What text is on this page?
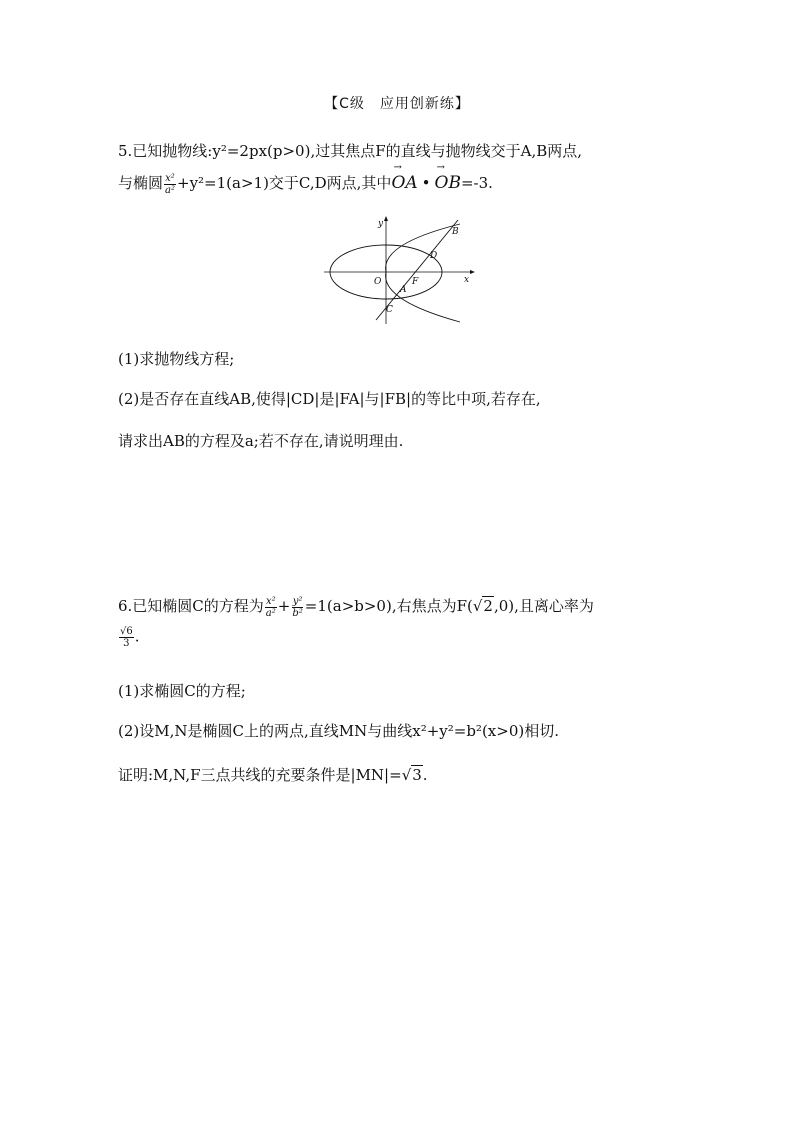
【C级　应用创新练】
5.已知抛物线:y²=2px(p>0),过其焦点F的直线与抛物线交于A,B两点,
与椭圆 $\frac{\text{x²}}{\text{a²}} +y^2=1(a>1)$交于C,D两点,其中→ OA •→ OB=-3.
y
x
O
A
B
C
D
F
(1)求抛物线方程;
(2)是否存在直线AB,使得|CD|是|FA|与|FB|的等比中项,若存在,
请求出AB的方程及a;若不存在,请说明理由.
6.已知椭圆C的方程为 $\frac{\text{x²}}{\text{a²}} + \frac{\text{y²}}{\text{b²}} =1(a>b>0)$,右焦点为F(√2,0),且离心率为
$\frac{√6}{3}$ .
(1)求椭圆C的方程;
(2)设M,N是椭圆C上的两点,直线MN与曲线x²+y²=b²(x>0)相切.
证明:M,N,F三点共线的充要条件是|MN|=√3.
